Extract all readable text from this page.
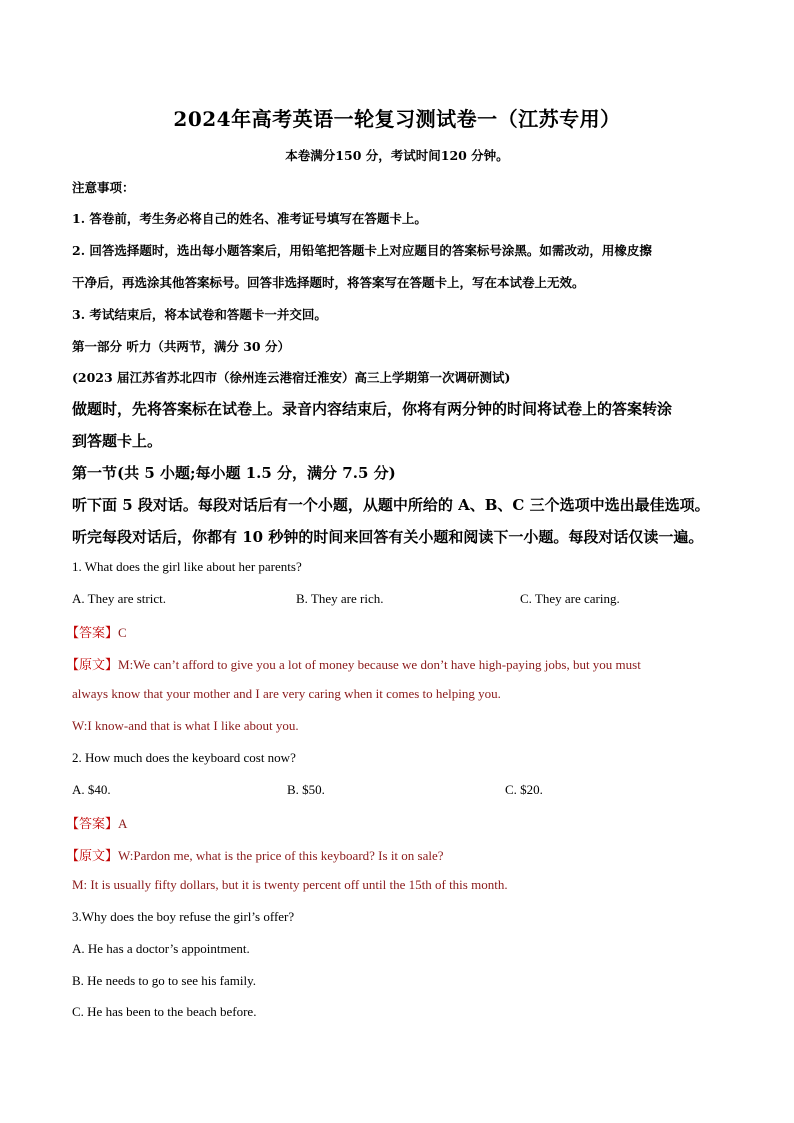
2024年高考英语一轮复习测试卷一（江苏专用）
本卷满分150 分，考试时间120 分钟。
注意事项：
1. 答卷前，考生务必将自己的姓名、准考证号填写在答题卡上。
2. 回答选择题时，选出每小题答案后，用铅笔把答题卡上对应题目的答案标号涂黑。如需改动，用橡皮擦
干净后，再选涂其他答案标号。回答非选择题时，将答案写在答题卡上，写在本试卷上无效。
3. 考试结束后，将本试卷和答题卡一并交回。
第一部分 听力（共两节，满分 30 分）
(2023 届江苏省苏北四市（徐州连云港宿迁淮安）高三上学期第一次调研测试)
做题时，先将答案标在试卷上。录音内容结束后，你将有两分钟的时间将试卷上的答案转涂
到答题卡上。
第一节(共 5 小题;每小题 1.5 分，满分 7.5 分)
听下面 5 段对话。每段对话后有一个小题，从题中所给的 A、B、C 三个选项中选出最佳选项。
听完每段对话后，你都有 10 秒钟的时间来回答有关小题和阅读下一小题。每段对话仅读一遍。
1. What does the girl like about her parents?
A. They are strict.	B. They are rich.	C. They are caring.
【答案】C
【原文】M:We can’t afford to give you a lot of money because we don’t have high-paying jobs, but you must
always know that your mother and I are very caring when it comes to helping you.
W:I know-and that is what I like about you.
2. How much does the keyboard cost now?
A. $40.	B. $50.	C. $20.
【答案】A
【原文】W:Pardon me, what is the price of this keyboard? Is it on sale?
M: It is usually fifty dollars, but it is twenty percent off until the 15th of this month.
3.Why does the boy refuse the girl’s offer?
A. He has a doctor’s appointment.
B. He needs to go to see his family.
C. He has been to the beach before.
